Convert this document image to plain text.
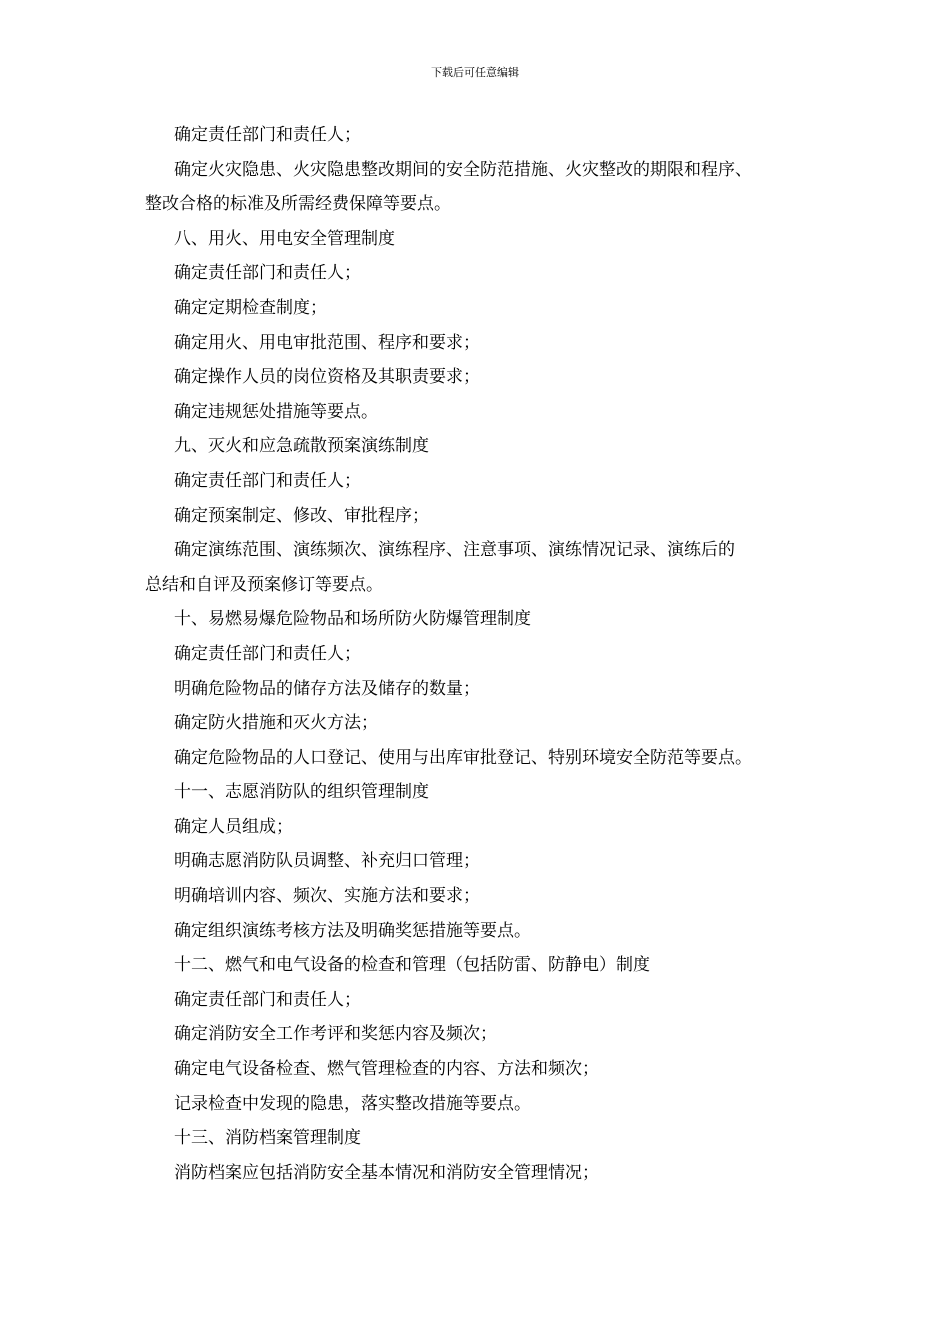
下载后可任意编辑
确定责任部门和责任人；
确定火灾隐患、火灾隐患整改期间的安全防范措施、火灾整改的期限和程序、
整改合格的标准及所需经费保障等要点。
八、用火、用电安全管理制度
确定责任部门和责任人；
确定定期检查制度；
确定用火、用电审批范围、程序和要求；
确定操作人员的岗位资格及其职责要求；
确定违规惩处措施等要点。
九、灭火和应急疏散预案演练制度
确定责任部门和责任人；
确定预案制定、修改、审批程序；
确定演练范围、演练频次、演练程序、注意事项、演练情况记录、演练后的
总结和自评及预案修订等要点。
十、易燃易爆危险物品和场所防火防爆管理制度
确定责任部门和责任人；
明确危险物品的储存方法及储存的数量；
确定防火措施和灭火方法；
确定危险物品的人口登记、使用与出库审批登记、特别环境安全防范等要点。
十一、志愿消防队的组织管理制度
确定人员组成；
明确志愿消防队员调整、补充归口管理；
明确培训内容、频次、实施方法和要求；
确定组织演练考核方法及明确奖惩措施等要点。
十二、燃气和电气设备的检查和管理（包括防雷、防静电）制度
确定责任部门和责任人；
确定消防安全工作考评和奖惩内容及频次；
确定电气设备检查、燃气管理检查的内容、方法和频次；
记录检查中发现的隐患，落实整改措施等要点。
十三、消防档案管理制度
消防档案应包括消防安全基本情况和消防安全管理情况；
